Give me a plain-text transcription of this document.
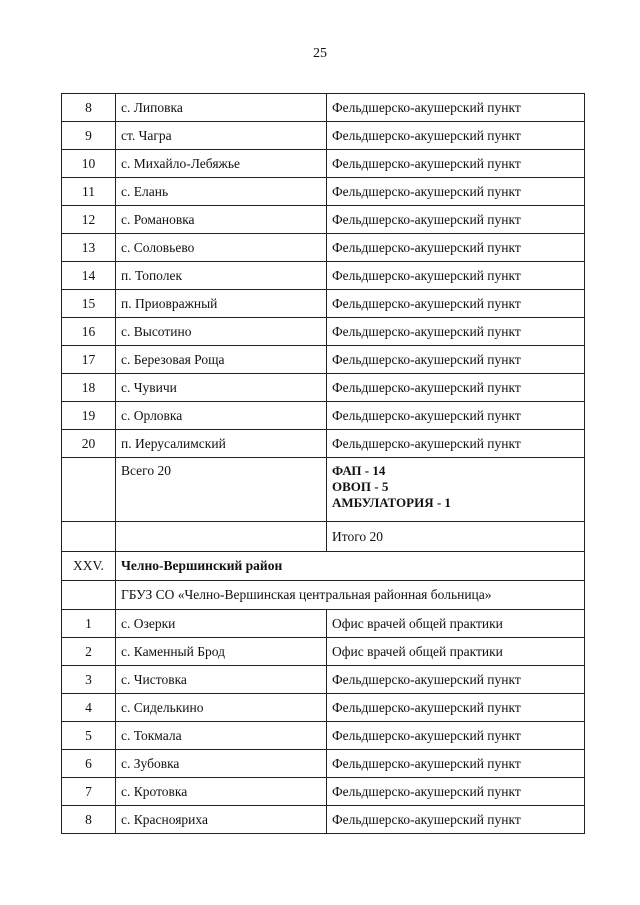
25
8	с. Липовка	Фельдшерско-акушерский пункт
9	ст. Чагра	Фельдшерско-акушерский пункт
10	с. Михайло-Лебяжье	Фельдшерско-акушерский пункт
11	с. Елань	Фельдшерско-акушерский пункт
12	с. Романовка	Фельдшерско-акушерский пункт
13	с. Соловьево	Фельдшерско-акушерский пункт
14	п. Тополек	Фельдшерско-акушерский пункт
15	п. Приовражный	Фельдшерско-акушерский пункт
16	с. Высотино	Фельдшерско-акушерский пункт
17	с. Березовая Роща	Фельдшерско-акушерский пункт
18	с. Чувичи	Фельдшерско-акушерский пункт
19	с. Орловка	Фельдшерско-акушерский пункт
20	п. Иерусалимский	Фельдшерско-акушерский пункт
	Всего 20	ФАП - 14
ОВОП - 5
АМБУЛАТОРИЯ - 1

		Итого 20
XXV.	Челно-Вершинский район	
	ГБУЗ СО «Челно-Вершинская центральная районная больница»	
1	с. Озерки	Офис врачей общей практики
2	с. Каменный Брод	Офис врачей общей практики
3	с. Чистовка	Фельдшерско-акушерский пункт
4	с. Сиделькино	Фельдшерско-акушерский пункт
5	с. Токмала	Фельдшерско-акушерский пункт
6	с. Зубовка	Фельдшерско-акушерский пункт
7	с. Кротовка	Фельдшерско-акушерский пункт
8	с. Краснояриха	Фельдшерско-акушерский пункт
